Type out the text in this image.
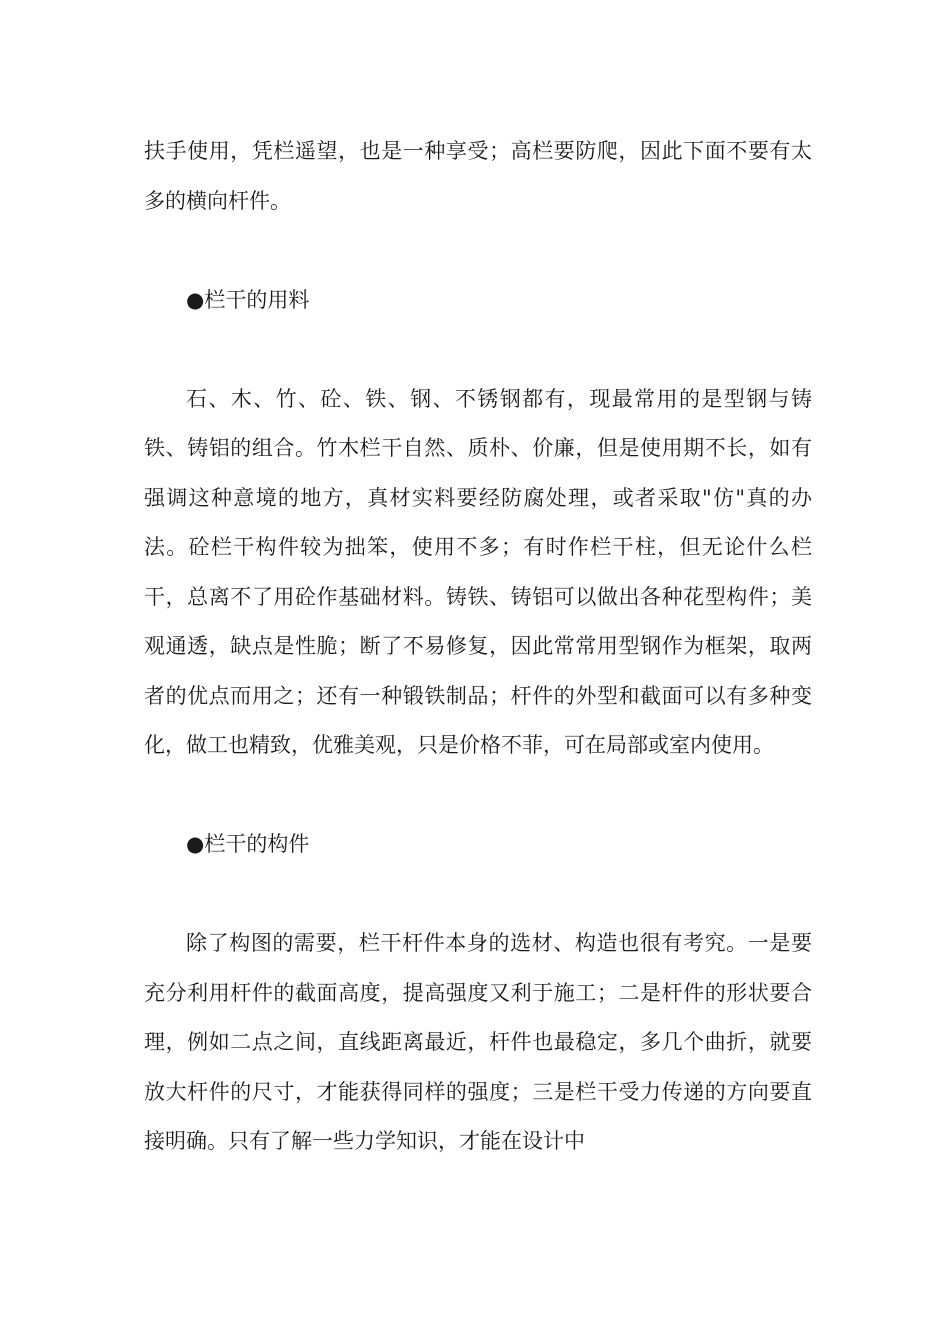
扶手使用，凭栏遥望，也是一种享受；高栏要防爬，因此下面不要有太多的横向杆件。

●栏干的用料

石、木、竹、砼、铁、钢、不锈钢都有，现最常用的是型钢与铸铁、铸铝的组合。竹木栏干自然、质朴、价廉，但是使用期不长，如有强调这种意境的地方，真材实料要经防腐处理，或者采取"仿"真的办法。砼栏干构件较为拙笨，使用不多；有时作栏干柱，但无论什么栏干，总离不了用砼作基础材料。铸铁、铸铝可以做出各种花型构件；美观通透，缺点是性脆；断了不易修复，因此常常用型钢作为框架，取两者的优点而用之；还有一种锻铁制品；杆件的外型和截面可以有多种变化，做工也精致，优雅美观，只是价格不菲，可在局部或室内使用。

●栏干的构件

除了构图的需要，栏干杆件本身的选材、构造也很有考究。一是要充分利用杆件的截面高度，提高强度又利于施工；二是杆件的形状要合理，例如二点之间，直线距离最近，杆件也最稳定，多几个曲折，就要放大杆件的尺寸，才能获得同样的强度；三是栏干受力传递的方向要直接明确。只有了解一些力学知识，才能在设计中
